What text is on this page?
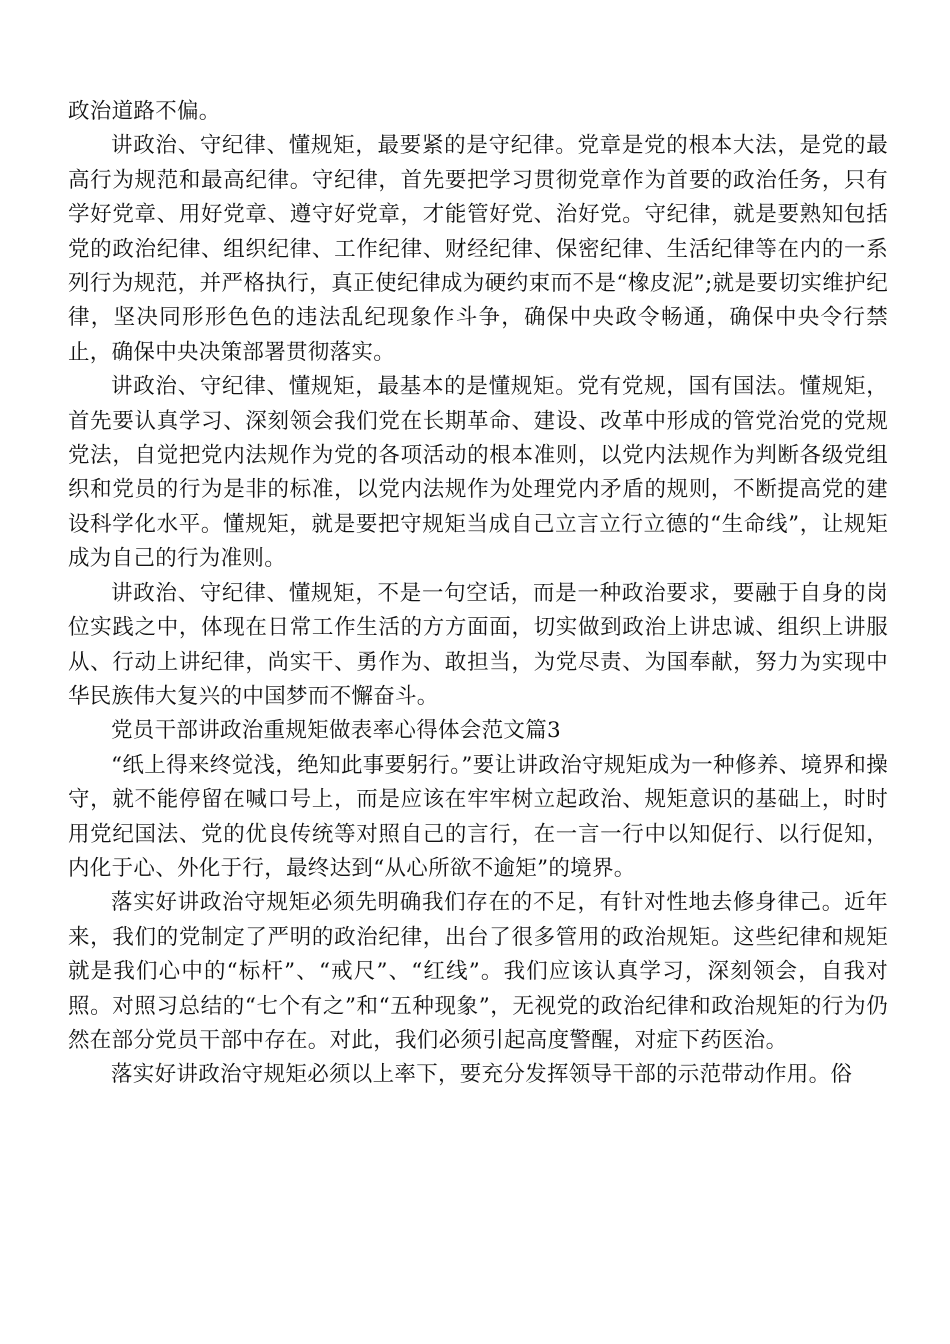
政治道路不偏。

讲政治、守纪律、懂规矩，最要紧的是守纪律。党章是党的根本大法，是党的最高行为规范和最高纪律。守纪律，首先要把学习贯彻党章作为首要的政治任务，只有学好党章、用好党章、遵守好党章，才能管好党、治好党。守纪律，就是要熟知包括党的政治纪律、组织纪律、工作纪律、财经纪律、保密纪律、生活纪律等在内的一系列行为规范，并严格执行，真正使纪律成为硬约束而不是“橡皮泥”;就是要切实维护纪律，坚决同形形色色的违法乱纪现象作斗争，确保中央政令畅通，确保中央令行禁止，确保中央决策部署贯彻落实。

讲政治、守纪律、懂规矩，最基本的是懂规矩。党有党规，国有国法。懂规矩，首先要认真学习、深刻领会我们党在长期革命、建设、改革中形成的管党治党的党规党法，自觉把党内法规作为党的各项活动的根本准则，以党内法规作为判断各级党组织和党员的行为是非的标准，以党内法规作为处理党内矛盾的规则，不断提高党的建设科学化水平。懂规矩，就是要把守规矩当成自己立言立行立德的“生命线”，让规矩成为自己的行为准则。

讲政治、守纪律、懂规矩，不是一句空话，而是一种政治要求，要融于自身的岗位实践之中，体现在日常工作生活的方方面面，切实做到政治上讲忠诚、组织上讲服从、行动上讲纪律，尚实干、勇作为、敢担当，为党尽责、为国奉献，努力为实现中华民族伟大复兴的中国梦而不懈奋斗。

党员干部讲政治重规矩做表率心得体会范文篇3

“纸上得来终觉浅，绝知此事要躬行。”要让讲政治守规矩成为一种修养、境界和操守，就不能停留在喊口号上，而是应该在牢牢树立起政治、规矩意识的基础上，时时用党纪国法、党的优良传统等对照自己的言行，在一言一行中以知促行、以行促知，内化于心、外化于行，最终达到“从心所欲不逾矩”的境界。

落实好讲政治守规矩必须先明确我们存在的不足，有针对性地去修身律己。近年来，我们的党制定了严明的政治纪律，出台了很多管用的政治规矩。这些纪律和规矩就是我们心中的“标杆”、“戒尺”、“红线”。我们应该认真学习，深刻领会，自我对照。对照习总结的“七个有之”和“五种现象”，无视党的政治纪律和政治规矩的行为仍然在部分党员干部中存在。对此，我们必须引起高度警醒，对症下药医治。

落实好讲政治守规矩必须以上率下，要充分发挥领导干部的示范带动作用。俗
